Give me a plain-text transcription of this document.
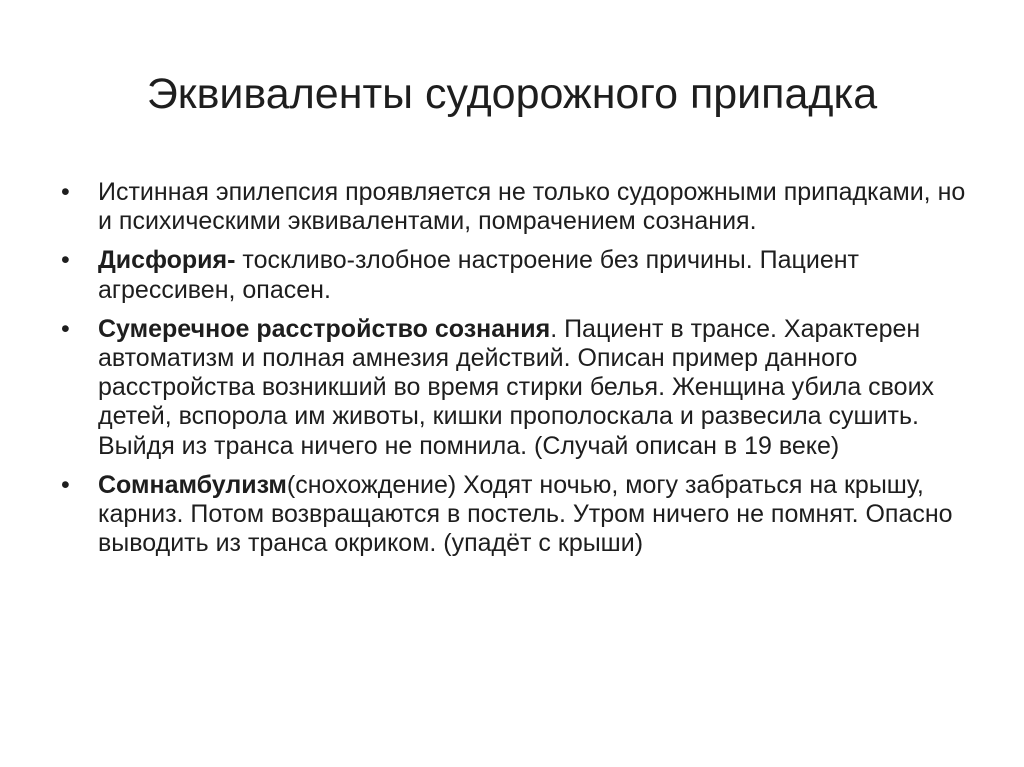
Эквиваленты судорожного припадка
• Истинная эпилепсия проявляется не только судорожными припадками, но и психическими эквивалентами, помрачением сознания.
• Дисфория- тоскливо-злобное настроение без причины. Пациент агрессивен, опасен.
• Сумеречное расстройство сознания. Пациент в трансе. Характерен автоматизм и полная амнезия действий. Описан пример данного расстройства возникший во время стирки белья. Женщина убила своих детей, вспорола им животы, кишки прополоскала и развесила сушить. Выйдя из транса ничего не помнила. (Случай описан в 19 веке)
• Сомнамбулизм(снохождение) Ходят ночью, могу забраться на крышу, карниз. Потом возвращаются в постель. Утром ничего не помнят. Опасно выводить из транса окриком. (упадёт с крыши)
